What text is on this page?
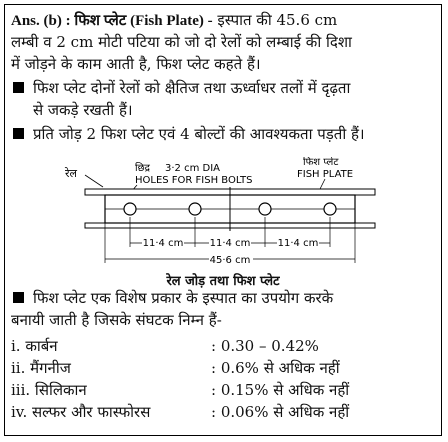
Ans. (b) : फिश प्लेट (Fish Plate) - इस्पात की 45.6 cm
लम्बी व 2 cm मोटी पटिया को जो दो रेलों को लम्बाई की दिशा
में जोड़ने के काम आती है, फिश प्लेट कहते हैं।
फिश प्लेट दोनों रेलों को क्षैतिज तथा ऊर्ध्वाधर तलों में दृढ़ता
से जकड़े रखती हैं।
प्रति जोड़ 2 फिश प्लेट एवं 4 बोल्टों की आवश्यकता पड़ती हैं।
रेल	छिद्र 3·2 cm DIA
HOLES FOR FISH BOLTS
फिश प्लेट
FISH PLATE
11·4 cm	11·4 cm	11·4 cm
45·6 cm
रेल जोड़ तथा फिश प्लेट
फिश प्लेट एक विशेष प्रकार के इस्पात का उपयोग करके
बनायी जाती है जिसके संघटक निम्न हैं-
i. कार्बन	: 0.30 – 0.42%
ii. मैंगनीज	: 0.6% से अधिक नहीं
iii. सिलिकान	: 0.15% से अधिक नहीं
iv. सल्फर और फास्फोरस	: 0.06% से अधिक नहीं
